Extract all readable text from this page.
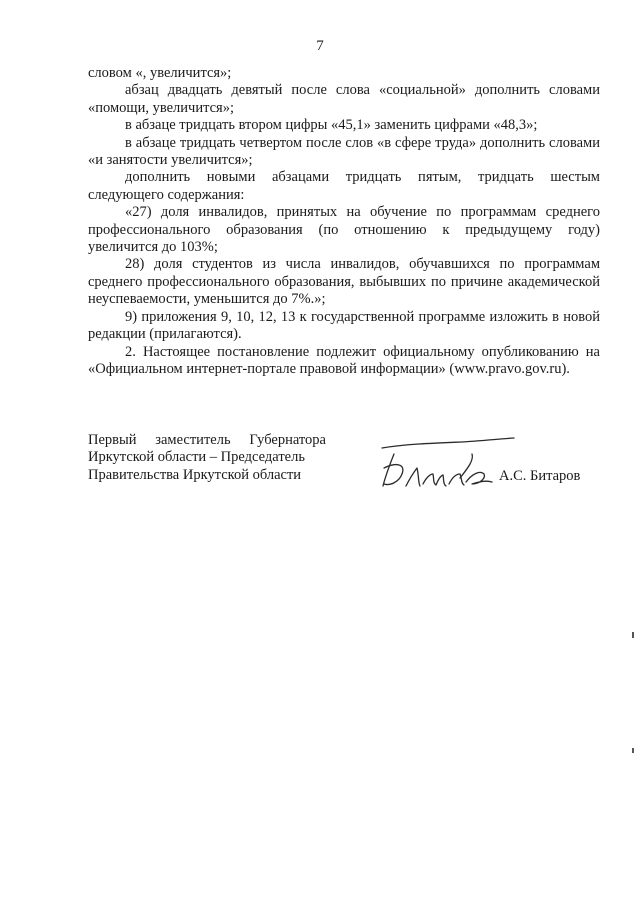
7

словом «, увеличится»;

абзац двадцать девятый после слова «социальной» дополнить словами «помощи, увеличится»;

в абзаце тридцать втором цифры «45,1» заменить цифрами «48,3»;

в абзаце тридцать четвертом после слов «в сфере труда» дополнить словами «и занятости увеличится»;

дополнить новыми абзацами тридцать пятым, тридцать шестым следующего содержания:

«27) доля инвалидов, принятых на обучение по программам среднего профессионального образования (по отношению к предыдущему году) увеличится до 103%;

28) доля студентов из числа инвалидов, обучавшихся по программам среднего профессионального образования, выбывших по причине академической неуспеваемости, уменьшится до 7%.»;

9) приложения 9, 10, 12, 13 к государственной программе изложить в новой редакции (прилагаются).

2. Настоящее постановление подлежит официальному опубликованию на «Официальном интернет-портале правовой информации» (www.pravo.gov.ru).

Первый заместитель Губернатора
Иркутской области – Председатель
Правительства Иркутской области	А.С. Битаров
